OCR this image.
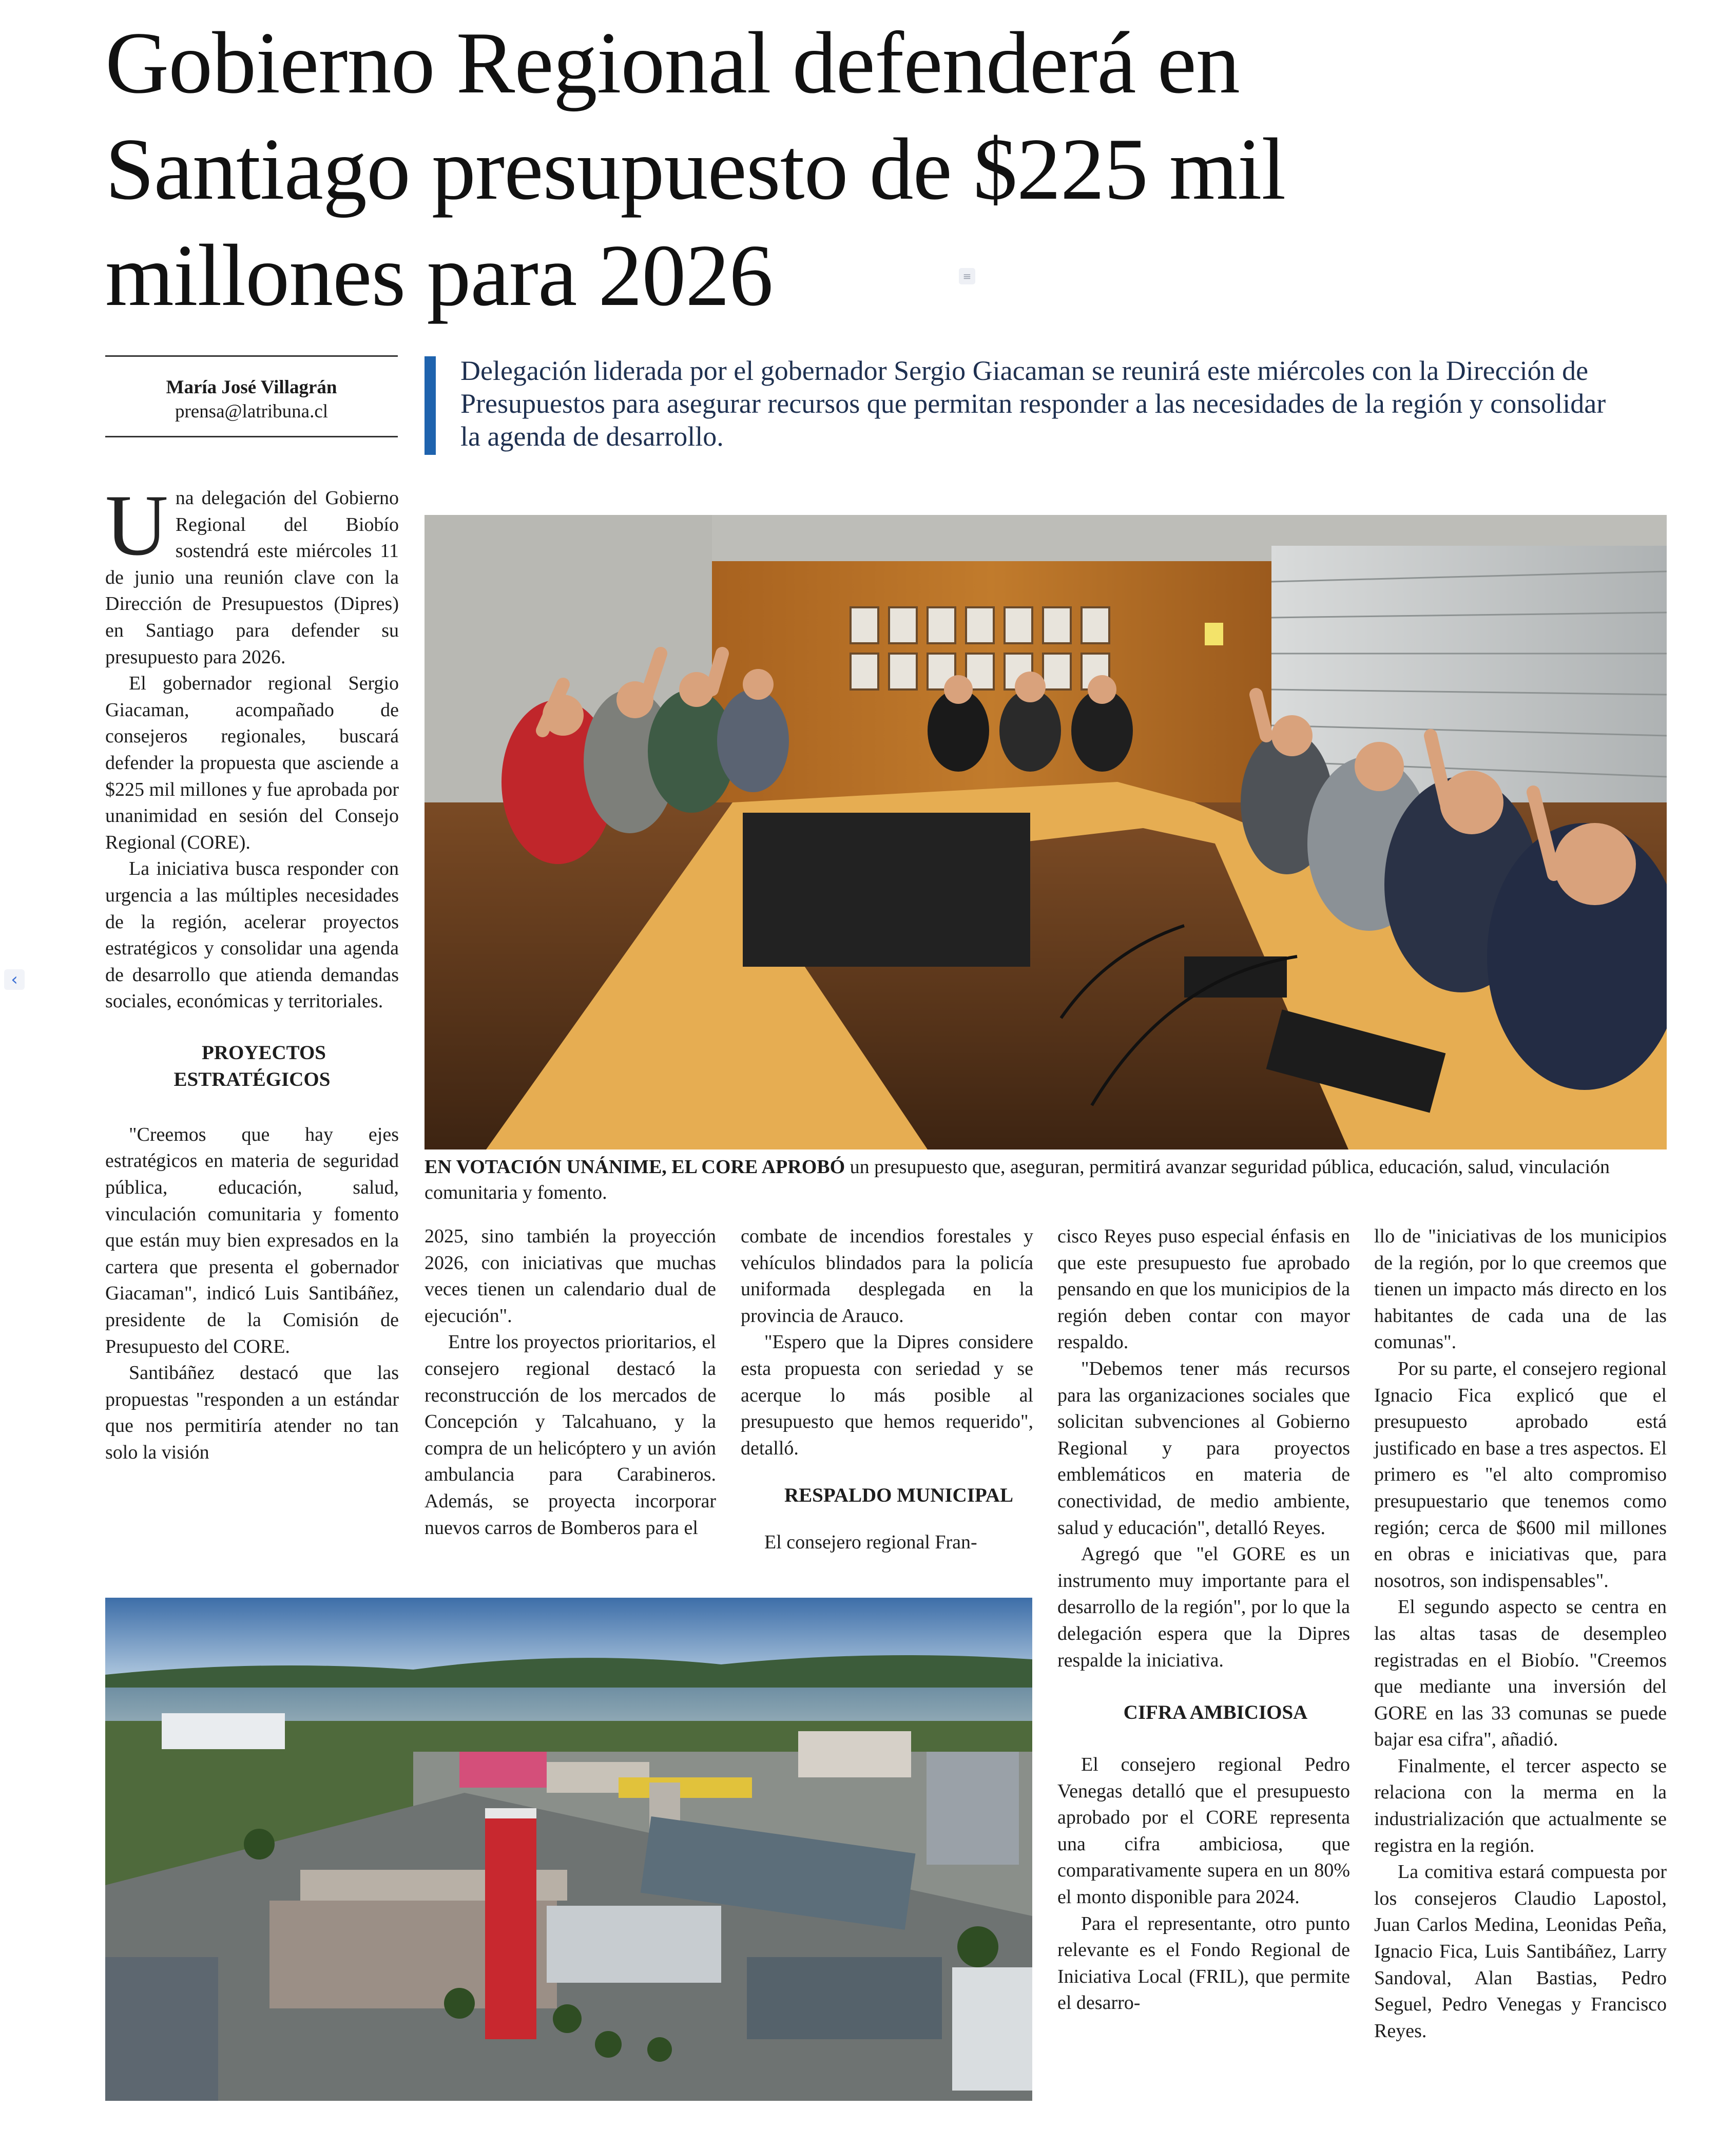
Gobierno Regional defenderá en Santiago presupuesto de $225 mil millones para 2026	≡
María José Villagrán
prensa@latribuna.cl

Delegación liderada por el gobernador Sergio Giacaman se reunirá este miércoles con la Dirección de Presupuestos para asegurar recursos que permitan responder a las necesidades de la región y consolidar la agenda de desarrollo.

‹
U na delegación del Gobierno Regional del Biobío sostendrá este miércoles 11 de junio una reunión clave con la Dirección de Presupuestos (Dipres) en Santiago para defender su presupuesto para 2026.

El gobernador regional Sergio Giacaman, acompañado de consejeros regionales, buscará defender la propuesta que asciende a $225 mil millones y fue aprobada por unanimidad en sesión del Consejo Regional (CORE).

La iniciativa busca responder con urgencia a las múltiples necesidades de la región, acelerar proyectos estratégicos y consolidar una agenda de desarrollo que atienda demandas sociales, económicas y territoriales.

PROYECTOS ESTRATÉGICOS

"Creemos que hay ejes estratégicos en materia de seguridad pública, educación, salud, vinculación comunitaria y fomento que están muy bien expresados en la cartera que presenta el gobernador Giacaman", indicó Luis Santibáñez, presidente de la Comisión de Presupuesto del CORE.

Santibáñez destacó que las propuestas "responden a un estándar que nos permitiría atender no tan solo la visión

EN VOTACIÓN UNÁNIME, EL CORE APROBÓ un presupuesto que, aseguran, permitirá avanzar seguridad pública, educación, salud, vinculación comunitaria y fomento.

2025, sino también la proyección 2026, con iniciativas que muchas veces tienen un calendario dual de ejecución".

Entre los proyectos prioritarios, el consejero regional destacó la reconstrucción de los mercados de Concepción y Talcahuano, y la compra de un helicóptero y un avión ambulancia para Carabineros. Además, se proyecta incorporar nuevos carros de Bomberos para el

combate de incendios forestales y vehículos blindados para la policía uniformada desplegada en la provincia de Arauco.

"Espero que la Dipres considere esta propuesta con seriedad y se acerque lo más posible al presupuesto que hemos requerido", detalló.

RESPALDO MUNICIPAL

El consejero regional Fran-

cisco Reyes puso especial énfasis en que este presupuesto fue aprobado pensando en que los municipios de la región deben contar con mayor respaldo.

"Debemos tener más recursos para las organizaciones sociales que solicitan subvenciones al Gobierno Regional y para proyectos emblemáticos en materia de conectividad, de medio ambiente, salud y educación", detalló Reyes.

Agregó que "el GORE es un instrumento muy importante para el desarrollo de la región", por lo que la delegación espera que la Dipres respalde la iniciativa.

CIFRA AMBICIOSA

El consejero regional Pedro Venegas detalló que el presupuesto aprobado por el CORE representa una cifra ambiciosa, que comparativamente supera en un 80% el monto disponible para 2024.

Para el representante, otro punto relevante es el Fondo Regional de Iniciativa Local (FRIL), que permite el desarro-

llo de "iniciativas de los municipios de la región, por lo que creemos que tienen un impacto más directo en los habitantes de cada una de las comunas".

Por su parte, el consejero regional Ignacio Fica explicó que el presupuesto aprobado está justificado en base a tres aspectos. El primero es "el alto compromiso presupuestario que tenemos como región; cerca de $600 mil millones en obras e iniciativas que, para nosotros, son indispensables".

El segundo aspecto se centra en las altas tasas de desempleo registradas en el Biobío. "Creemos que mediante una inversión del GORE en las 33 comunas se puede bajar esa cifra", añadió.

Finalmente, el tercer aspecto se relaciona con la merma en la industrialización que actualmente se registra en la región.

La comitiva estará compuesta por los consejeros Claudio Lapostol, Juan Carlos Medina, Leonidas Peña, Ignacio Fica, Luis Santibáñez, Larry Sandoval, Alan Bastias, Pedro Seguel, Pedro Venegas y Francisco Reyes.
